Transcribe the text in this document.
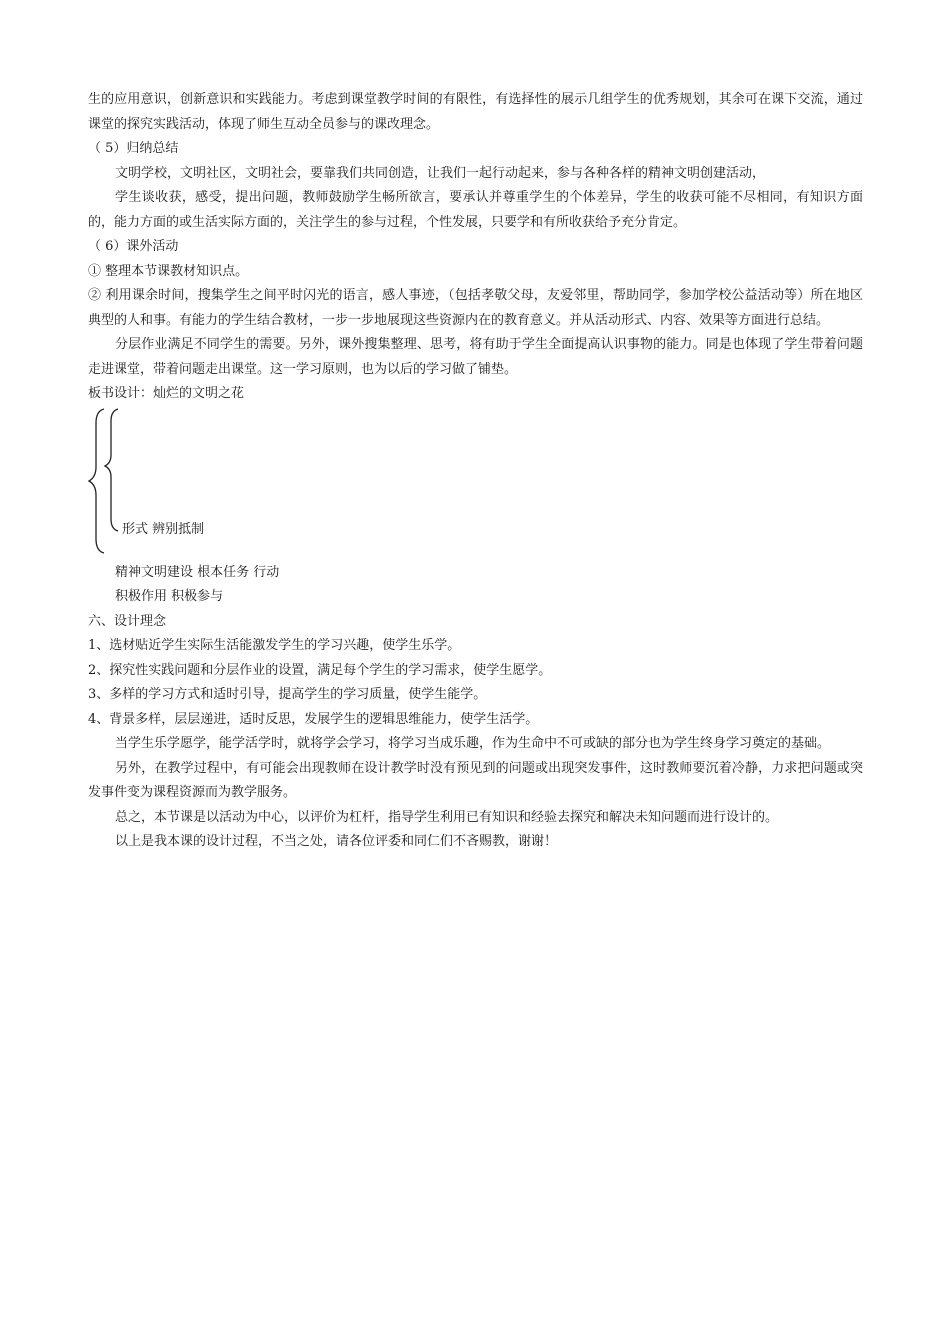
生的应用意识，创新意识和实践能力。考虑到课堂教学时间的有限性，有选择性的展示几组学生的优秀规划，其余可在课下交流，通过课堂的探究实践活动，体现了师生互动全员参与的课改理念。

（ 5）归纳总结

文明学校，文明社区，文明社会，要靠我们共同创造，让我们一起行动起来，参与各种各样的精神文明创建活动，

学生谈收获，感受，提出问题，教师鼓励学生畅所欲言，要承认并尊重学生的个体差异，学生的收获可能不尽相同，有知识方面的，能力方面的或生活实际方面的，关注学生的参与过程，个性发展，只要学和有所收获给予充分肯定。

（ 6）课外活动

① 整理本节课教材知识点。

② 利用课余时间，搜集学生之间平时闪光的语言，感人事迹，（包括孝敬父母，友爱邻里，帮助同学，参加学校公益活动等）所在地区典型的人和事。有能力的学生结合教材，一步一步地展现这些资源内在的教育意义。并从活动形式、内容、效果等方面进行总结。

分层作业满足不同学生的需要。另外，课外搜集整理、思考，将有助于学生全面提高认识事物的能力。同是也体现了学生带着问题走进课堂，带着问题走出课堂。这一学习原则，也为以后的学习做了铺垫。

板书设计：灿烂的文明之花

形式 辨别抵制

精神文明建设 根本任务 行动

积极作用 积极参与

六、设计理念

1、选材贴近学生实际生活能激发学生的学习兴趣，使学生乐学。

2、探究性实践问题和分层作业的设置，满足每个学生的学习需求，使学生愿学。

3、多样的学习方式和适时引导，提高学生的学习质量，使学生能学。

4、背景多样，层层递进，适时反思，发展学生的逻辑思维能力，使学生活学。

当学生乐学愿学，能学活学时，就将学会学习，将学习当成乐趣，作为生命中不可或缺的部分也为学生终身学习奠定的基础。

另外，在教学过程中，有可能会出现教师在设计教学时没有预见到的问题或出现突发事件，这时教师要沉着冷静，力求把问题或突发事件变为课程资源而为教学服务。

总之，本节课是以活动为中心，以评价为杠杆，指导学生利用已有知识和经验去探究和解决未知问题而进行设计的。

以上是我本课的设计过程，不当之处，请各位评委和同仁们不吝赐教，谢谢！
